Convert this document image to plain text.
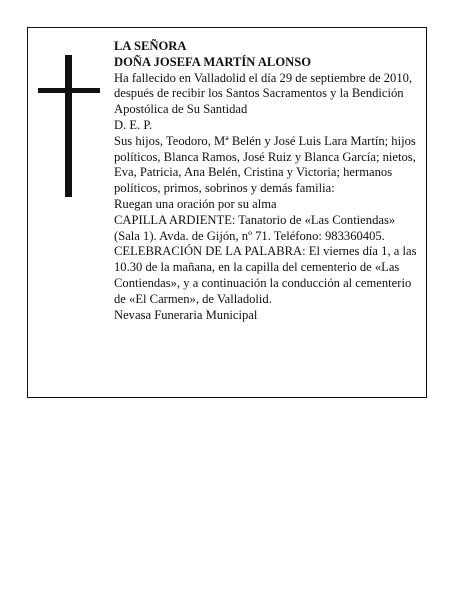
LA SEÑORA

DOÑA JOSEFA MARTÍN ALONSO

Ha fallecido en Valladolid el día 29 de septiembre de 2010, después de recibir los Santos Sacramentos y la Bendición Apostólica de Su Santidad

D. E. P.

Sus hijos, Teodoro, Mª Belén y José Luis Lara Martín; hijos políticos, Blanca Ramos, José Ruiz y Blanca García; nietos, Eva, Patricia, Ana Belén, Cristina y Victoria; hermanos políticos, primos, sobrinos y demás familia:

Ruegan una oración por su alma

CAPILLA ARDIENTE: Tanatorio de «Las Contiendas» (Sala 1). Avda. de Gijón, nº 71. Teléfono: 983360405.

CELEBRACIÓN DE LA PALABRA: El viernes día 1, a las 10.30 de la mañana, en la capilla del cementerio de «Las Contiendas», y a continuación la conducción al cementerio de «El Carmen», de Valladolid.

Nevasa Funeraria Municipal
